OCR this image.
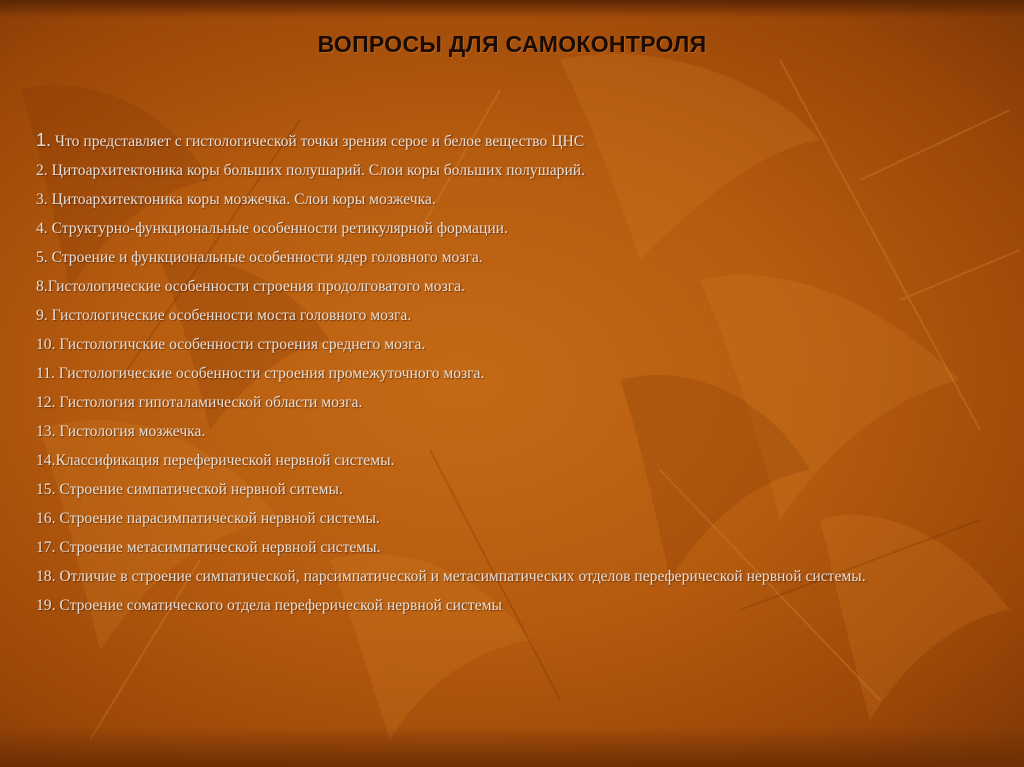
ВОПРОСЫ ДЛЯ САМОКОНТРОЛЯ
1. Что представляет с гистологической точки зрения серое и белое вещество ЦНС
2. Цитоархитектоника коры больших полушарий. Слои коры больших полушарий.
3. Цитоархитектоника коры мозжечка. Слои коры мозжечка.
4. Структурно-функциональные особенности ретикулярной формации.
5. Строение и функциональные особенности ядер головного мозга.
8.Гистологические особенности строения продолговатого мозга.
9. Гистологические особенности моста головного мозга.
10. Гистологичские особенности строения среднего мозга.
11. Гистологические особенности строения промежуточного мозга.
12. Гистология гипоталамической области мозга.
13. Гистология мозжечка.
14.Классификация переферической нервной системы.
15. Строение симпатической нервной ситемы.
16. Строение парасимпатической нервной системы.
17. Строение метасимпатической нервной системы.
18. Отличие в строение симпатической, парсимпатической и метасимпатических отделов переферической нервной системы.
19. Строение соматического отдела переферической нервной системы
